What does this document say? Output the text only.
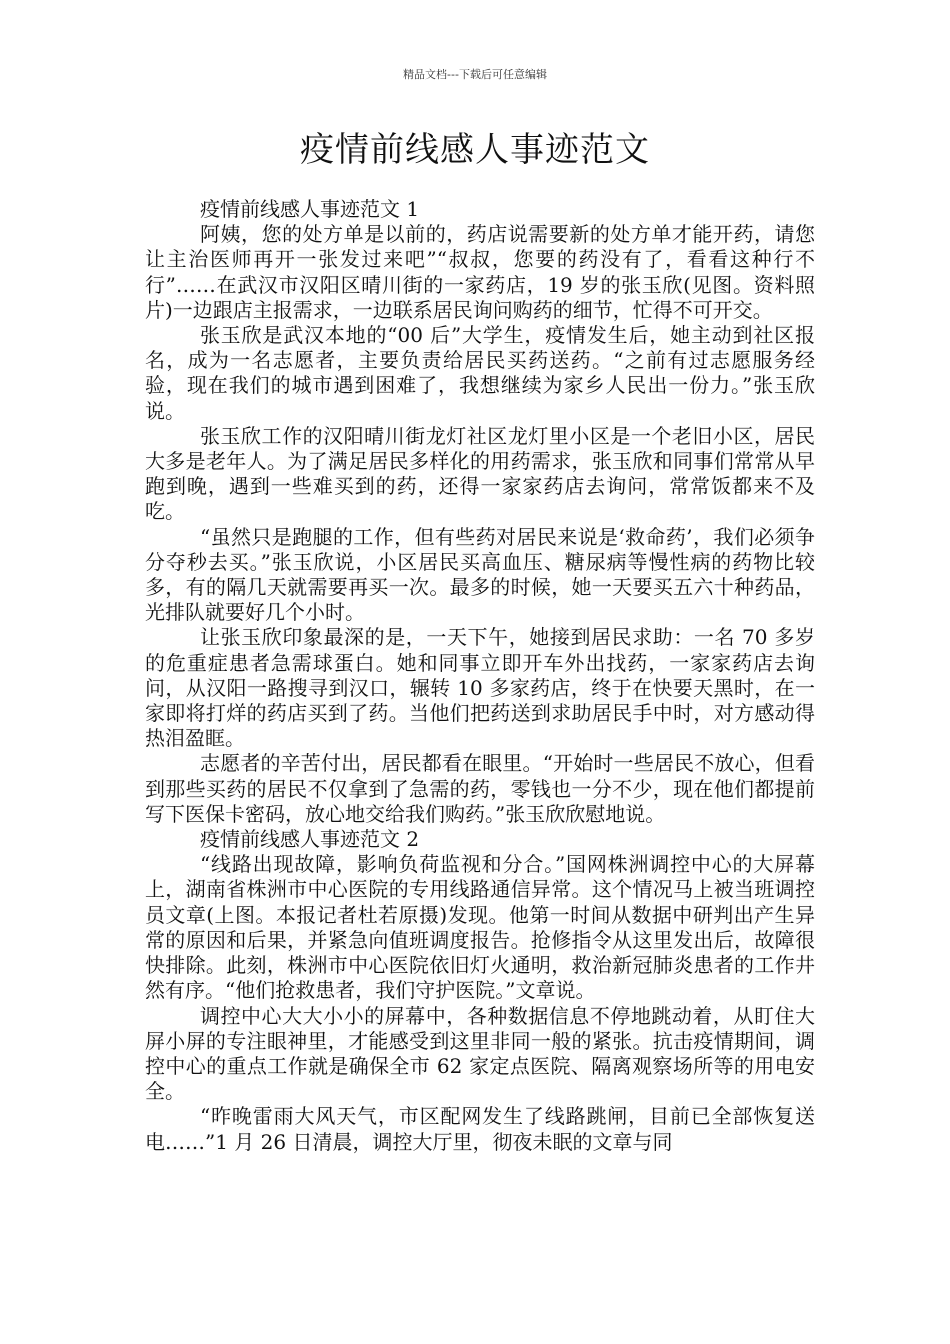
精品文档---下载后可任意编辑
疫情前线感人事迹范文

疫情前线感人事迹范文 1

阿姨，您的处方单是以前的，药店说需要新的处方单才能开药，请您让主治医师再开一张发过来吧”“叔叔，您要的药没有了，看看这种行不行”……在武汉市汉阳区晴川街的一家药店，19 岁的张玉欣(见图。资料照片)一边跟店主报需求，一边联系居民询问购药的细节，忙得不可开交。

张玉欣是武汉本地的“00 后”大学生，疫情发生后，她主动到社区报名，成为一名志愿者，主要负责给居民买药送药。“之前有过志愿服务经验，现在我们的城市遇到困难了，我想继续为家乡人民出一份力。”张玉欣说。

张玉欣工作的汉阳晴川街龙灯社区龙灯里小区是一个老旧小区，居民大多是老年人。为了满足居民多样化的用药需求，张玉欣和同事们常常从早跑到晚，遇到一些难买到的药，还得一家家药店去询问，常常饭都来不及吃。

“虽然只是跑腿的工作，但有些药对居民来说是‘救命药’，我们必须争分夺秒去买。”张玉欣说，小区居民买高血压、糖尿病等慢性病的药物比较多，有的隔几天就需要再买一次。最多的时候，她一天要买五六十种药品，光排队就要好几个小时。

让张玉欣印象最深的是，一天下午，她接到居民求助：一名 70 多岁的危重症患者急需球蛋白。她和同事立即开车外出找药，一家家药店去询问，从汉阳一路搜寻到汉口，辗转 10 多家药店，终于在快要天黑时，在一家即将打烊的药店买到了药。当他们把药送到求助居民手中时，对方感动得热泪盈眶。

志愿者的辛苦付出，居民都看在眼里。“开始时一些居民不放心，但看到那些买药的居民不仅拿到了急需的药，零钱也一分不少，现在他们都提前写下医保卡密码，放心地交给我们购药。”张玉欣欣慰地说。

疫情前线感人事迹范文 2

“线路出现故障，影响负荷监视和分合。”国网株洲调控中心的大屏幕上，湖南省株洲市中心医院的专用线路通信异常。这个情况马上被当班调控员文章(上图。本报记者杜若原摄)发现。他第一时间从数据中研判出产生异常的原因和后果，并紧急向值班调度报告。抢修指令从这里发出后，故障很快排除。此刻，株洲市中心医院依旧灯火通明，救治新冠肺炎患者的工作井然有序。“他们抢救患者，我们守护医院。”文章说。

调控中心大大小小的屏幕中，各种数据信息不停地跳动着，从盯住大屏小屏的专注眼神里，才能感受到这里非同一般的紧张。抗击疫情期间，调控中心的重点工作就是确保全市 62 家定点医院、隔离观察场所等的用电安全。

“昨晚雷雨大风天气，市区配网发生了线路跳闸，目前已全部恢复送电……”1 月 26 日清晨，调控大厅里，彻夜未眠的文章与同
